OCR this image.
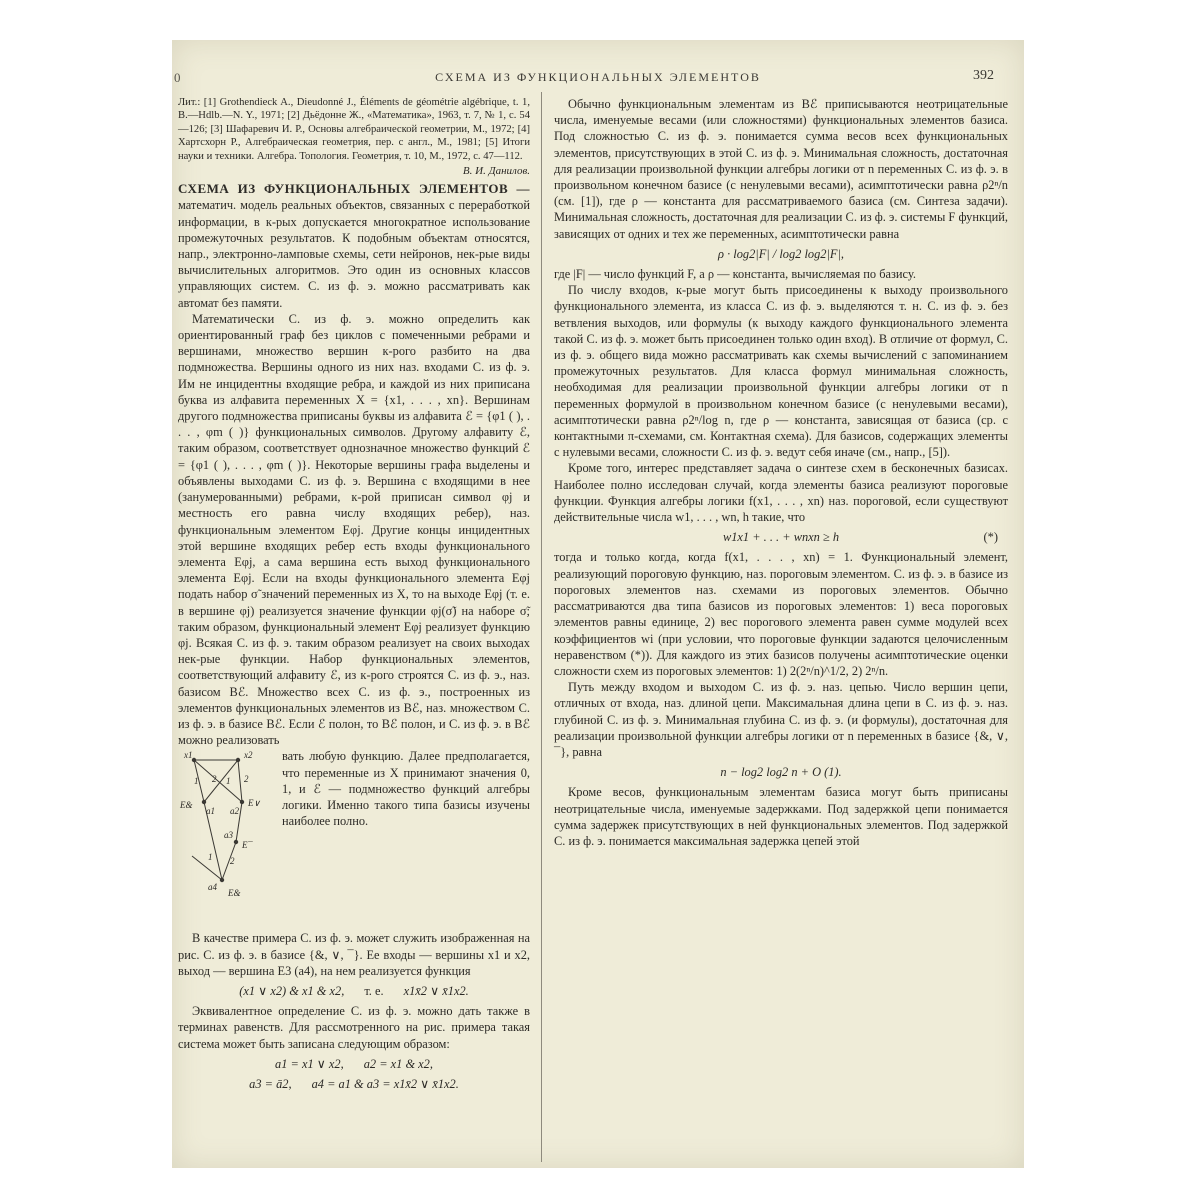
0	СХЕМА ИЗ ФУНКЦИОНАЛЬНЫХ ЭЛЕМЕНТОВ	392

Лит.: [1] Grothendieck A., Dieudonné J., Éléments de géométrie algébrique, t. 1, B.—Hdlb.—N. Y., 1971; [2] Дьёдонне Ж., «Математика», 1963, т. 7, № 1, с. 54—126; [3] Шафаревич И. Р., Основы алгебраической геометрии, М., 1972; [4] Хартсхорн Р., Алгебраическая геометрия, пер. с англ., М., 1981; [5] Итоги науки и техники. Алгебра. Топология. Геометрия, т. 10, М., 1972, с. 47—112.

В. И. Данилов.

СХЕМА ИЗ ФУНКЦИОНАЛЬНЫХ ЭЛЕМЕНТОВ — математич. модель реальных объектов, связанных с переработкой информации, в к-рых допускается многократное использование промежуточных результатов. К подобным объектам относятся, напр., электронно-ламповые схемы, сети нейронов, нек-рые виды вычислительных алгоритмов. Это один из основных классов управляющих систем. С. из ф. э. можно рассматривать как автомат без памяти.

Математически С. из ф. э. можно определить как ориентированный граф без циклов с помеченными ребрами и вершинами, множество вершин к-рого разбито на два подмножества. Вершины одного из них наз. входами С. из ф. э. Им не инцидентны входящие ребра, и каждой из них приписана буква из алфавита переменных X = {x1, . . . , xn}. Вершинам другого подмножества приписаны буквы из алфавита ℰ = {φ1 ( ), . . . , φm ( )} функциональных символов. Другому алфавиту ℰ, таким образом, соответствует однозначное множество функций ℰ = {φ1 ( ), . . . , φm ( )}. Некоторые вершины графа выделены и объявлены выходами С. из ф. э. Вершина с входящими в нее (занумерованными) ребрами, к-рой приписан символ φj и местность его равна числу входящих ребер), наз. функциональным элементом Eφj. Другие концы инцидентных этой вершине входящих ребер есть входы функционального элемента Eφj, а сама вершина есть выход функционального элемента Eφj. Если на входы функционального элемента Eφj подать набор σ̃ значений переменных из X, то на выходе Eφj (т. е. в вершине φj) реализуется значение функции φj(σ̃) на наборе σ̃; таким образом, функциональный элемент Eφj реализует функцию φj. Всякая С. из ф. э. таким образом реализует на своих выходах нек-рые функции. Набор функциональных элементов, соответствующий алфавиту ℰ, из к-рого строятся С. из ф. э., наз. базисом Bℰ. Множество всех С. из ф. э., построенных из элементов функциональных элементов из Bℰ, наз. множеством С. из ф. э. в базисе Bℰ. Если ℰ полон, то Bℰ полон, и С. из ф. э. в Bℰ можно реализовать

x1	x2
E&	E∨
E¯
E&
1 2 1 2
1 2
a1 a2
a3
a4
вать любую функцию. Далее предполагается, что переменные из X принимают значения 0, 1, и ℰ — подмножество функций алгебры логики. Именно такого типа базисы изучены наиболее полно.

В качестве примера С. из ф. э. может служить изображенная на рис. С. из ф. э. в базисе {&, ∨, ¯}. Ее входы — вершины x1 и x2, выход — вершина E3 (a4), на нем реализуется функция

(x1 ∨ x2) & x1 & x2, т. е. x1x̄2 ∨ x̄1x2.

Эквивалентное определение С. из ф. э. можно дать также в терминах равенств. Для рассмотренного на рис. примера такая система может быть записана следующим образом:

a1 = x1 ∨ x2, a2 = x1 & x2,
a3 = ā2, a4 = a1 & a3 = x1x̄2 ∨ x̄1x2.

Обычно функциональным элементам из Bℰ приписываются неотрицательные числа, именуемые весами (или сложностями) функциональных элементов базиса. Под сложностью С. из ф. э. понимается сумма весов всех функциональных элементов, присутствующих в этой С. из ф. э. Минимальная сложность, достаточная для реализации произвольной функции алгебры логики от n переменных С. из ф. э. в произвольном конечном базисе (с ненулевыми весами), асимптотически равна ρ2ⁿ/n (см. [1]), где ρ — константа для рассматриваемого базиса (см. Синтеза задачи). Минимальная сложность, достаточная для реализации С. из ф. э. системы F функций, зависящих от одних и тех же переменных, асимптотически равна

ρ · log2|F| / log2 log2|F|,

где |F| — число функций F, а ρ — константа, вычисляемая по базису.

По числу входов, к-рые могут быть присоединены к выходу произвольного функционального элемента, из класса С. из ф. э. выделяются т. н. С. из ф. э. без ветвления выходов, или формулы (к выходу каждого функционального элемента такой С. из ф. э. может быть присоединен только один вход). В отличие от формул, С. из ф. э. общего вида можно рассматривать как схемы вычислений с запоминанием промежуточных результатов. Для класса формул минимальная сложность, необходимая для реализации произвольной функции алгебры логики от n переменных формулой в произвольном конечном базисе (с ненулевыми весами), асимптотически равна ρ2ⁿ/log n, где ρ — константа, зависящая от базиса (ср. с контактными π-схемами, см. Контактная схема). Для базисов, содержащих элементы с нулевыми весами, сложности С. из ф. э. ведут себя иначе (см., напр., [5]).

Кроме того, интерес представляет задача о синтезе схем в бесконечных базисах. Наиболее полно исследован случай, когда элементы базиса реализуют пороговые функции. Функция алгебры логики f(x1, . . . , xn) наз. пороговой, если существуют действительные числа w1, . . . , wn, h такие, что

w1x1 + . . . + wnxn ≥ h	(*)

тогда и только когда, когда f(x1, . . . , xn) = 1. Функциональный элемент, реализующий пороговую функцию, наз. пороговым элементом. С. из ф. э. в базисе из пороговых элементов наз. схемами из пороговых элементов. Обычно рассматриваются два типа базисов из пороговых элементов: 1) веса пороговых элементов равны единице, 2) вес порогового элемента равен сумме модулей всех коэффициентов wi (при условии, что пороговые функции задаются целочисленным неравенством (*)). Для каждого из этих базисов получены асимптотические оценки сложности схем из пороговых элементов: 1) 2(2ⁿ/n)^1/2, 2) 2ⁿ/n.

Путь между входом и выходом С. из ф. э. наз. цепью. Число вершин цепи, отличных от входа, наз. длиной цепи. Максимальная длина цепи в С. из ф. э. наз. глубиной С. из ф. э. Минимальная глубина С. из ф. э. (и формулы), достаточная для реализации произвольной функции алгебры логики от n переменных в базисе {&, ∨, ¯}, равна

n − log2 log2 n + O (1).

Кроме весов, функциональным элементам базиса могут быть приписаны неотрицательные числа, именуемые задержками. Под задержкой цепи понимается сумма задержек присутствующих в ней функциональных элементов. Под задержкой С. из ф. э. понимается максимальная задержка цепей этой
